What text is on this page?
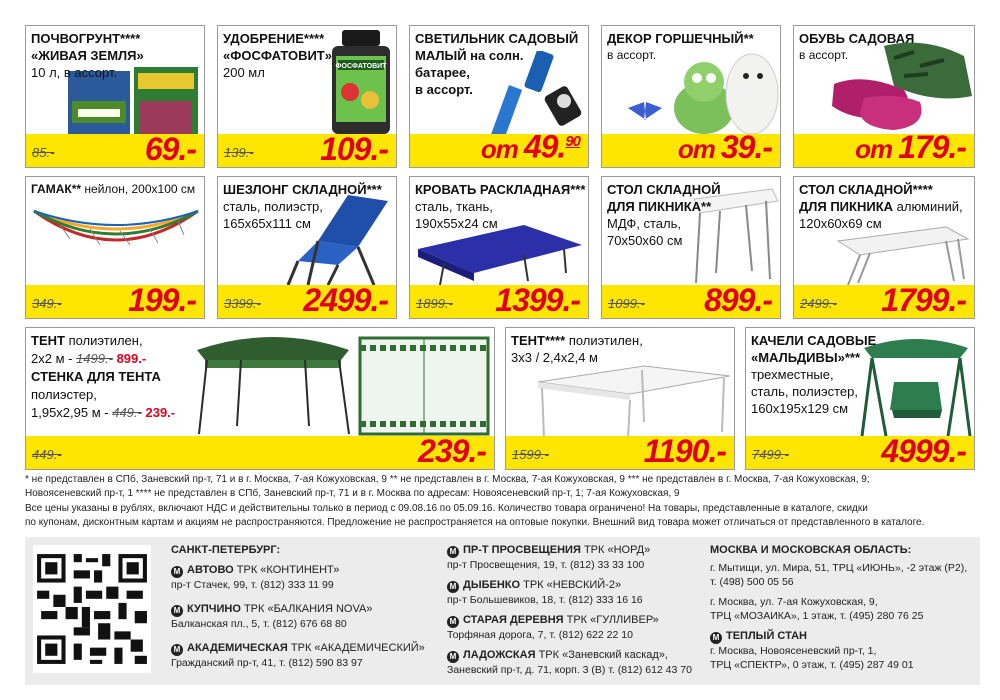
ПОЧВОГРУНТ****
«ЖИВАЯ ЗЕМЛЯ»
10 л, в ассорт.
85.-	69.-
УДОБРЕНИЕ****
«ФОСФАТОВИТ»
200 мл	ФОСФАТОВИТ
139.- 109.-
СВЕТИЛЬНИК САДОВЫЙ
МАЛЫЙ на солн.
батарее,
в ассорт.
от 49.90
ДЕКОР ГОРШЕЧНЫЙ**
в ассорт.
от 39.-
ОБУВЬ САДОВАЯ
в ассорт.
от 179.-
ГАМАК** нейлон, 200x100 см
349.- 199.-
ШЕЗЛОНГ СКЛАДНОЙ***
сталь, полиэстр,
165x65x111 см
3399.- 2499.-
КРОВАТЬ РАСКЛАДНАЯ***
сталь, ткань,
190x55x24 см
1899.- 1399.-
СТОЛ СКЛАДНОЙ
ДЛЯ ПИКНИКА**
МДФ, сталь,
70x50x60 см
1099.- 899.-
СТОЛ СКЛАДНОЙ****
ДЛЯ ПИКНИКА алюминий,
120x60x69 см
2499.- 1799.-
ТЕНТ полиэтилен,
2x2 м - 1499.- 899.-
СТЕНКА ДЛЯ ТЕНТА
полиэстер,
1,95x2,95 м - 449.- 239.-
449.-	239.-
ТЕНТ**** полиэтилен,
3x3 / 2,4x2,4 м
1599.-	1190.-
КАЧЕЛИ САДОВЫЕ
«МАЛЬДИВЫ»***
трехместные,
сталь, полиэстер,
160x195x129 см
7499.-	4999.-

* не представлен в СПб, Заневский пр-т, 71 и в г. Москва, 7-ая Кожуховская, 9 ** не представлен в г. Москва, 7-ая Кожуховская, 9 *** не представлен в г. Москва, 7-ая Кожуховская, 9;

Новоясеневский пр-т, 1 **** не представлен в СПб, Заневский пр-т, 71 и в г. Москва по адресам: Новоясеневский пр-т, 1; 7-ая Кожуховская, 9

Все цены указаны в рублях, включают НДС и действительны только в период с 09.08.16 по 05.09.16. Количество товара ограничено! На товары, представленные в каталоге, скидки

по купонам, дисконтным картам и акциям не распространяются. Предложение не распространяется на оптовые покупки. Внешний вид товара может отличаться от представленного в каталоге.

САНКТ-ПЕТЕРБУРГ:
М АВТОВО ТРК «КОНТИНЕНТ»
пр-т Стачек, 99, т. (812) 333 11 99
М КУПЧИНО ТРК «БАЛКАНИЯ NOVA»
Балканская пл., 5, т. (812) 676 68 80
М АКАДЕМИЧЕСКАЯ ТРК «АКАДЕМИЧЕСКИЙ»
Гражданский пр-т, 41, т. (812) 590 83 97
М ПР-Т ПРОСВЕЩЕНИЯ ТРК «НОРД»
пр-т Просвещения, 19, т. (812) 33 33 100
М ДЫБЕНКО ТРК «НЕВСКИЙ-2»
пр-т Большевиков, 18, т. (812) 333 16 16
М СТАРАЯ ДЕРЕВНЯ ТРК «ГУЛЛИВЕР»
Торфяная дорога, 7, т. (812) 622 22 10
М ЛАДОЖСКАЯ ТРК «Заневский каскад»,
Заневский пр-т, д. 71, корп. 3 (В) т. (812) 612 43 70
МОСКВА И МОСКОВСКАЯ ОБЛАСТЬ:
г. Мытищи, ул. Мира, 51, ТРЦ «ИЮНЬ», -2 этаж (Р2),
т. (498) 500 05 56
г. Москва, ул. 7-ая Кожуховская, 9,
ТРЦ «МОЗАИКА», 1 этаж, т. (495) 280 76 25
М ТЕПЛЫЙ СТАН
г. Москва, Новоясеневский пр-т, 1,
ТРЦ «СПЕКТР», 0 этаж, т. (495) 287 49 01
